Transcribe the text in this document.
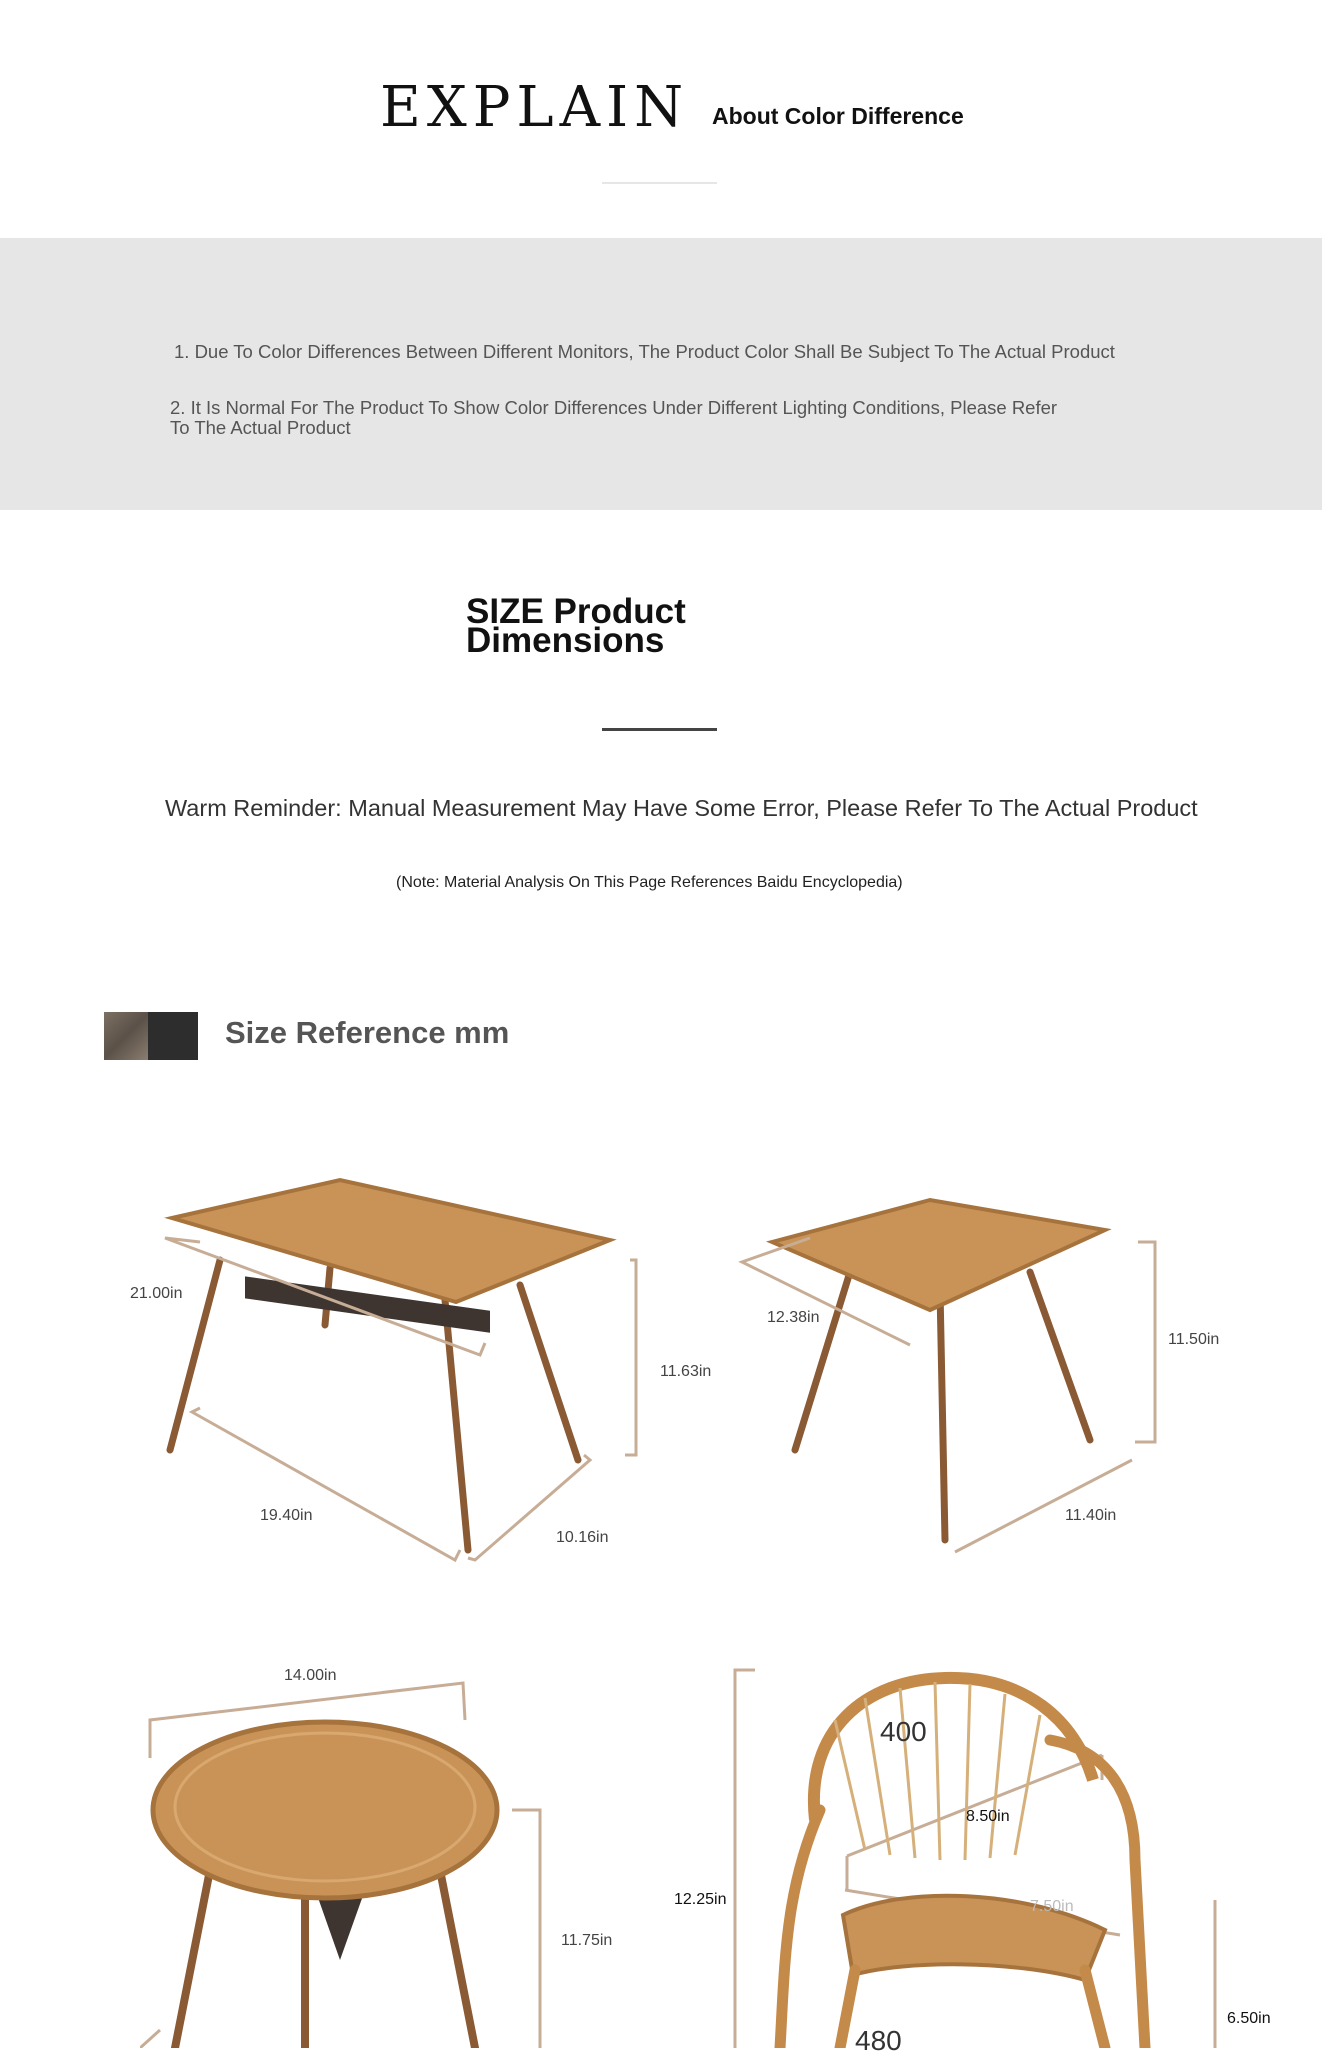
EXPLAIN About Color Difference
1. Due To Color Differences Between Different Monitors, The Product Color Shall Be Subject To The Actual Product
2. It Is Normal For The Product To Show Color Differences Under Different Lighting Conditions, Please Refer To The Actual Product
SIZE Product Dimensions
Warm Reminder: Manual Measurement May Have Some Error, Please Refer To The Actual Product
(Note: Material Analysis On This Page References Baidu Encyclopedia)
Size Reference mm
21.00in
11.63in
19.40in
10.16in
12.38in
11.50in
11.40in
14.00in
11.75in
400
480
12.25in
8.50in
7.50in
6.50in
